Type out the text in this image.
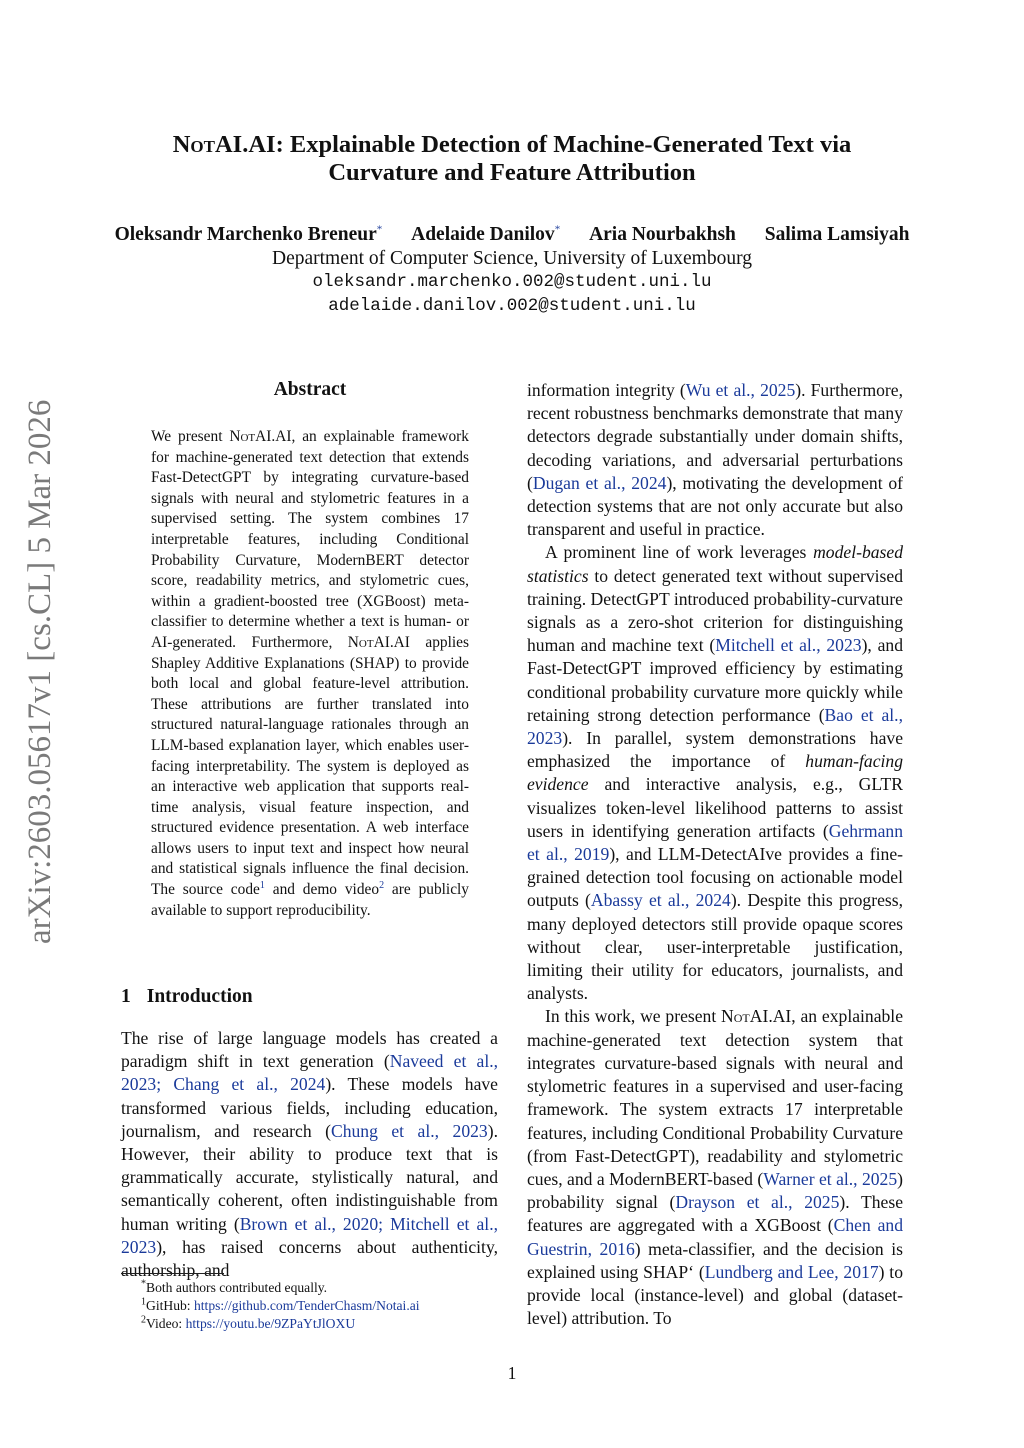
arXiv:2603.05617v1 [cs.CL] 5 Mar 2026
NotAI.AI: Explainable Detection of Machine-Generated Text via
Curvature and Feature Attribution
Oleksandr Marchenko Breneur* Adelaide Danilov* Aria Nourbakhsh Salima Lamsiyah
Department of Computer Science, University of Luxembourg
oleksandr.marchenko.002@student.uni.lu
adelaide.danilov.002@student.uni.lu
Abstract
We present NotAI.AI, an explainable framework for machine-generated text detection that extends Fast-DetectGPT by integrating curvature-based signals with neural and stylometric features in a supervised setting. The system combines 17 interpretable features, including Conditional Probability Curvature, ModernBERT detector score, readability metrics, and stylometric cues, within a gradient-boosted tree (XGBoost) meta-classifier to determine whether a text is human- or AI-generated. Furthermore, NotAI.AI applies Shapley Additive Explanations (SHAP) to provide both local and global feature-level attribution. These attributions are further translated into structured natural-language rationales through an LLM-based explanation layer, which enables user-facing interpretability. The system is deployed as an interactive web application that supports real-time analysis, visual feature inspection, and structured evidence presentation. A web interface allows users to input text and inspect how neural and statistical signals influence the final decision. The source code$^1$ and demo video$^2$ are publicly available to support reproducibility.
1 Introduction
The rise of large language models has created a paradigm shift in text generation (Naveed et al., 2023; Chang et al., 2024). These models have transformed various fields, including education, journalism, and research (Chung et al., 2023). However, their ability to produce text that is grammatically accurate, stylistically natural, and semantically coherent, often indistinguishable from human writing (Brown et al., 2020; Mitchell et al., 2023), has raised concerns about authenticity, authorship, and

information integrity (Wu et al., 2025). Furthermore, recent robustness benchmarks demonstrate that many detectors degrade substantially under domain shifts, decoding variations, and adversarial perturbations (Dugan et al., 2024), motivating the development of detection systems that are not only accurate but also transparent and useful in practice.

A prominent line of work leverages model-based statistics to detect generated text without supervised training. DetectGPT introduced probability-curvature signals as a zero-shot criterion for distinguishing human and machine text (Mitchell et al., 2023), and Fast-DetectGPT improved efficiency by estimating conditional probability curvature more quickly while retaining strong detection performance (Bao et al., 2023). In parallel, system demonstrations have emphasized the importance of human-facing evidence and interactive analysis, e.g., GLTR visualizes token-level likelihood patterns to assist users in identifying generation artifacts (Gehrmann et al., 2019), and LLM-DetectAIve provides a fine-grained detection tool focusing on actionable model outputs (Abassy et al., 2024). Despite this progress, many deployed detectors still provide opaque scores without clear, user-interpretable justification, limiting their utility for educators, journalists, and analysts.

In this work, we present NotAI.AI, an explainable machine-generated text detection system that integrates curvature-based signals with neural and stylometric features in a supervised and user-facing framework. The system extracts 17 interpretable features, including Conditional Probability Curvature (from Fast-DetectGPT), readability and stylometric cues, and a ModernBERT-based (Warner et al., 2025) probability signal (Drayson et al., 2025). These features are aggregated with a XGBoost (Chen and Guestrin, 2016) meta-classifier, and the decision is explained using SHAP‘ (Lundberg and Lee, 2017) to provide local (instance-level) and global (dataset-level) attribution. To

*Both authors contributed equally.
$^1$GitHub: https://github.com/TenderChasm/Notai.ai
$^2$Video: https://youtu.be/9ZPaYtJlOXU
1
